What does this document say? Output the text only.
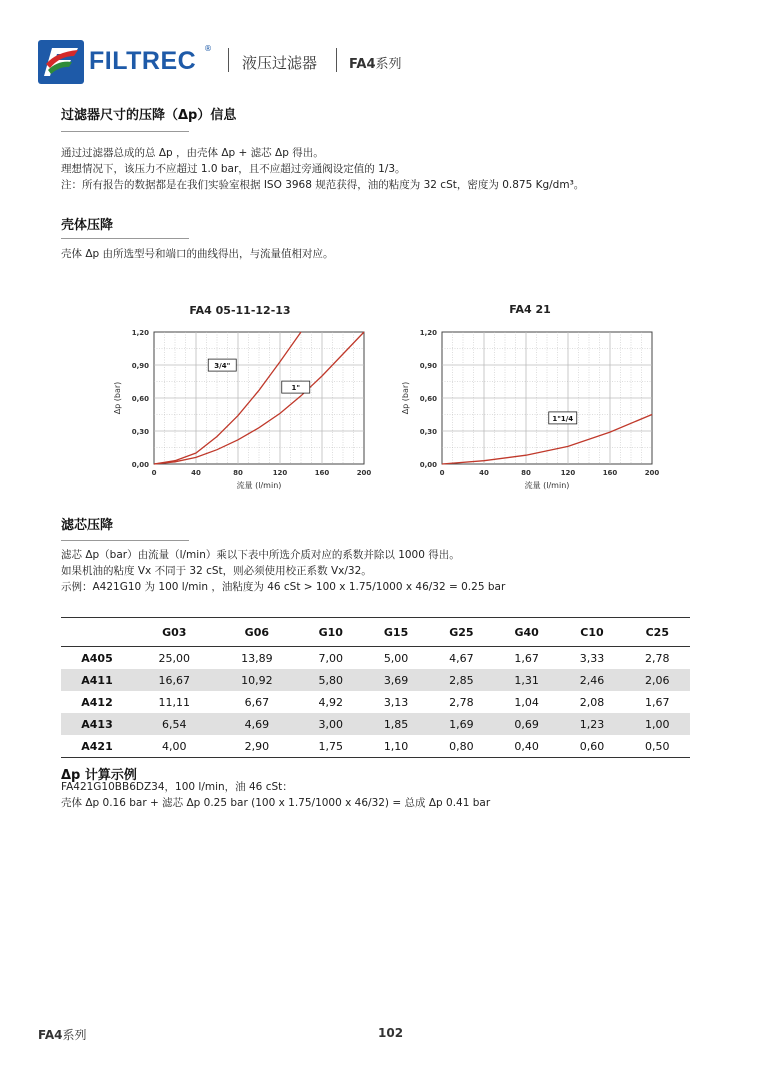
FILTREC ®
液压过滤器 FA4系列
过滤器尺寸的压降（Δp）信息
通过过滤器总成的总 Δp ，由壳体 Δp + 滤芯 Δp 得出。
理想情况下，该压力不应超过 1.0 bar，且不应超过旁通阀设定值的 1/3。
注：所有报告的数据都是在我们实验室根据 ISO 3968 规范获得，油的粘度为 32 cSt，密度为 0.875 Kg/dm³。
壳体压降
壳体 Δp 由所选型号和端口的曲线得出，与流量值相对应。
FA4 05-11-12-13
0,00
0,30
0,60
0,90
1,20
0	40	80	120	160	200
流量 (l/min)
Δp (bar)
3/4"
1"
FA4 21
0,00
0,30
0,60
0,90
1,20
0	40	80	120	160	200
流量 (l/min)
Δp (bar)
1"1/4
滤芯压降
滤芯 Δp（bar）由流量（l/min）乘以下表中所选介质对应的系数并除以 1000 得出。
如果机油的粘度 Vx 不同于 32 cSt，则必须使用校正系数 Vx/32。
示例：A421G10 为 100 l/min ，油粘度为 46 cSt > 100 x 1.75/1000 x 46/32 = 0.25 bar
	G03	G06	G10	G15	G25	G40	C10	C25
A405	25,00	13,89	7,00	5,00	4,67	1,67	3,33	2,78
A411	16,67	10,92	5,80	3,69	2,85	1,31	2,46	2,06
A412	11,11	6,67	4,92	3,13	2,78	1,04	2,08	1,67
A413	6,54	4,69	3,00	1,85	1,69	0,69	1,23	1,00
A421	4,00	2,90	1,75	1,10	0,80	0,40	0,60	0,50
Δp 计算示例
FA421G10BB6DZ34，100 l/min，油 46 cSt：
壳体 Δp 0.16 bar + 滤芯 Δp 0.25 bar (100 x 1.75/1000 x 46/32) = 总成 Δp 0.41 bar
FA4系列	102
